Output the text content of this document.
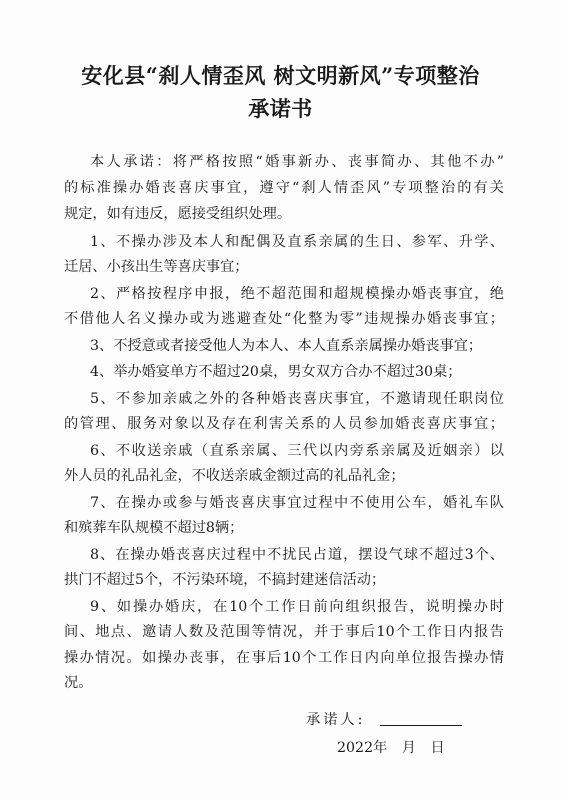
安化县“刹人情歪风 树文明新风”专项整治
承诺书
本人承诺：将严格按照“婚事新办、丧事简办、其他不办”
的标准操办婚丧喜庆事宜，遵守“刹人情歪风”专项整治的有关
规定，如有违反，愿接受组织处理。
1、不操办涉及本人和配偶及直系亲属的生日、参军、升学、
迁居、小孩出生等喜庆事宜；
2、严格按程序申报，绝不超范围和超规模操办婚丧事宜，绝
不借他人名义操办或为逃避查处“化整为零”违规操办婚丧事宜；
3、不授意或者接受他人为本人、本人直系亲属操办婚丧事宜；
4、举办婚宴单方不超过20桌，男女双方合办不超过30桌；
5、不参加亲戚之外的各种婚丧喜庆事宜，不邀请现任职岗位
的管理、服务对象以及存在利害关系的人员参加婚丧喜庆事宜；
6、不收送亲戚（直系亲属、三代以内旁系亲属及近姻亲）以
外人员的礼品礼金，不收送亲戚金额过高的礼品礼金；
7、在操办或参与婚丧喜庆事宜过程中不使用公车，婚礼车队
和殡葬车队规模不超过8辆；
8、在操办婚丧喜庆过程中不扰民占道，摆设气球不超过3个、
拱门不超过5个，不污染环境，不搞封建迷信活动；
9、如操办婚庆，在10个工作日前向组织报告，说明操办时
间、地点、邀请人数及范围等情况，并于事后10个工作日内报告
操办情况。如操办丧事，在事后10个工作日内向单位报告操办情
况。
承诺人:
2022年 月 日
